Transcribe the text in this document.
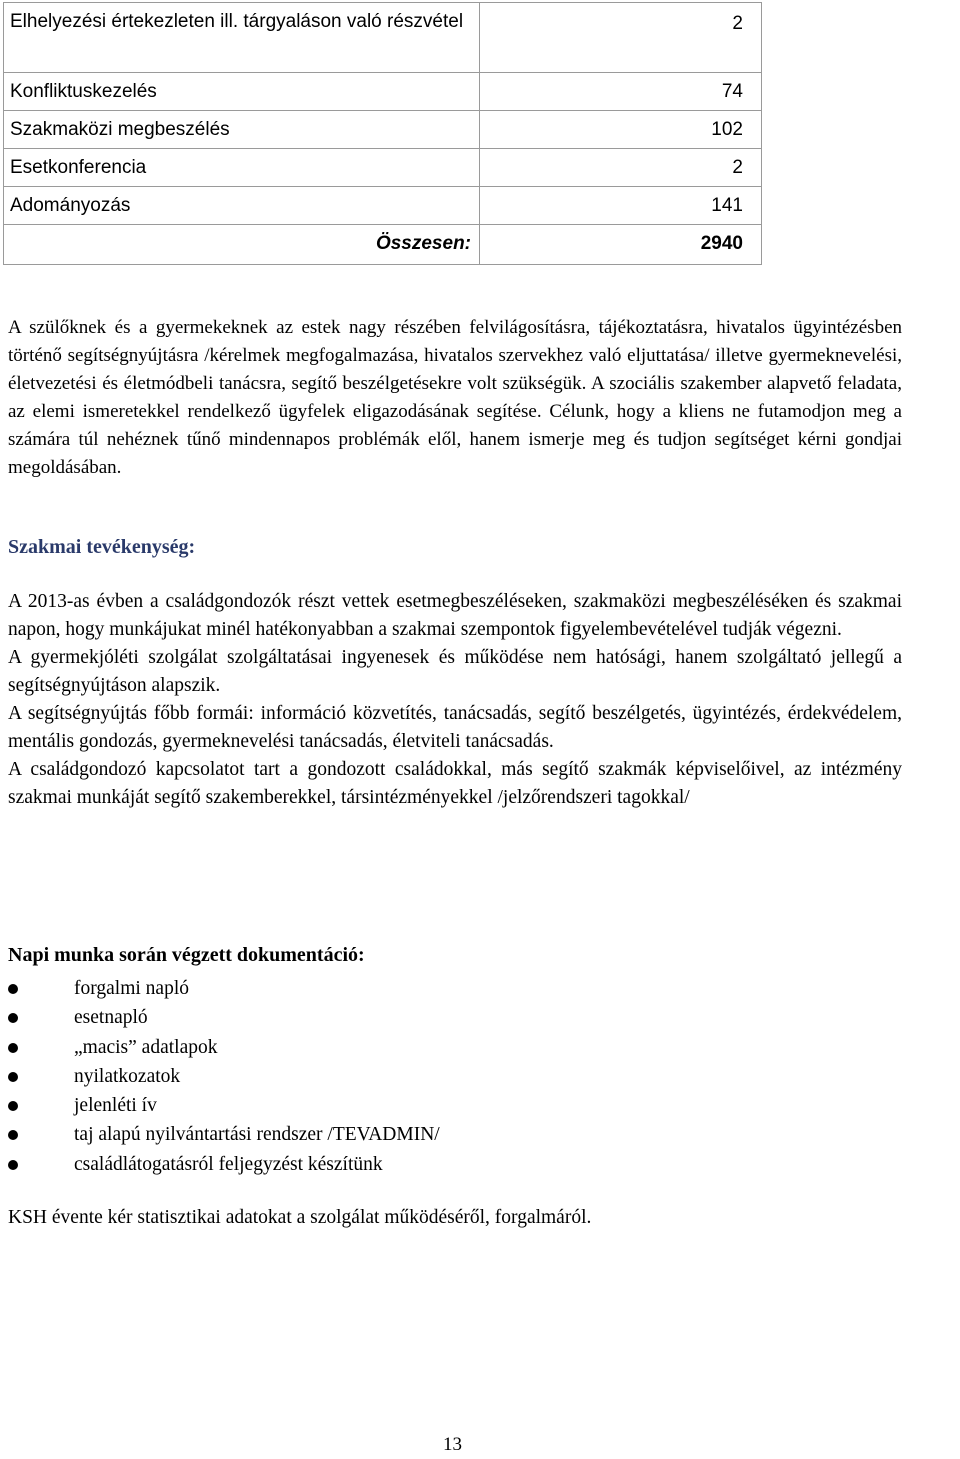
Elhelyezési értekezleten ill. tárgyaláson való részvétel	2
Konfliktuskezelés	74
Szakmaközi megbeszélés	102
Esetkonferencia	2
Adományozás	141
Összesen:	2940

A szülőknek és a gyermekeknek az estek nagy részében felvilágosításra, tájékoztatásra, hivatalos ügyintézésben történő segítségnyújtásra /kérelmek megfogalmazása, hivatalos szervekhez való eljuttatása/ illetve gyermeknevelési, életvezetési és életmódbeli tanácsra, segítő beszélgetésekre volt szükségük. A szociális szakember alapvető feladata, az elemi ismeretekkel rendelkező ügyfelek eligazodásának segítése. Célunk, hogy a kliens ne futamodjon meg a számára túl nehéznek tűnő mindennapos problémák elől, hanem ismerje meg és tudjon segítséget kérni gondjai megoldásában.

Szakmai tevékenység:

A 2013-as évben a családgondozók részt vettek esetmegbeszéléseken, szakmaközi megbeszéléséken és szakmai napon, hogy munkájukat minél hatékonyabban a szakmai szempontok figyelembevételével tudják végezni.

A gyermekjóléti szolgálat szolgáltatásai ingyenesek és működése nem hatósági, hanem szolgáltató jellegű a segítségnyújtáson alapszik.

A segítségnyújtás főbb formái: információ közvetítés, tanácsadás, segítő beszélgetés, ügyintézés, érdekvédelem, mentális gondozás, gyermeknevelési tanácsadás, életviteli tanácsadás.

A családgondozó kapcsolatot tart a gondozott családokkal, más segítő szakmák képviselőivel, az intézmény szakmai munkáját segítő szakemberekkel, társintézményekkel /jelzőrendszeri tagokkal/

Napi munka során végzett dokumentáció:
forgalmi napló
esetnapló
„macis” adatlapok
nyilatkozatok
jelenléti ív
taj alapú nyilvántartási rendszer /TEVADMIN/
családlátogatásról feljegyzést készítünk
KSH évente kér statisztikai adatokat a szolgálat működéséről, forgalmáról.
13
